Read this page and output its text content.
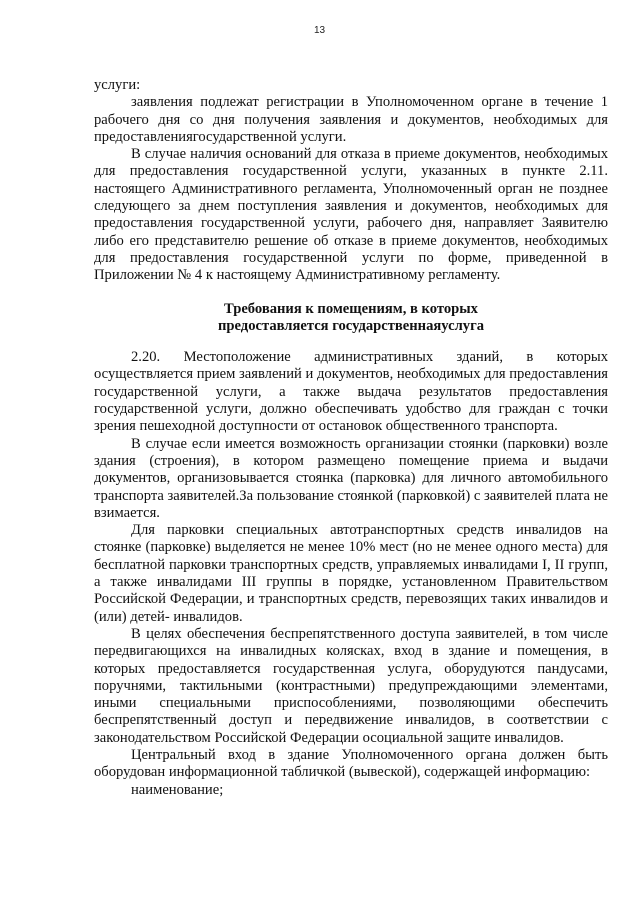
13

услуги:

заявления подлежат регистрации в Уполномоченном органе в течение 1 рабочего дня со дня получения заявления и документов, необходимых для предоставлениягосударственной услуги.

В случае наличия оснований для отказа в приеме документов, необходимых для предоставления государственной услуги, указанных в пункте 2.11. настоящего Административного регламента, Уполномоченный орган не позднее следующего за днем поступления заявления и документов, необходимых для предоставления государственной услуги, рабочего дня, направляет Заявителю либо его представителю решение об отказе в приеме документов, необходимых для предоставления государственной услуги по форме, приведенной в Приложении № 4 к настоящему Административному регламенту.

Требования к помещениям, в которых
предоставляется государственнаяуслуга

2.20. Местоположение административных зданий, в которых осуществляется прием заявлений и документов, необходимых для предоставления государственной услуги, а также выдача результатов предоставления государственной услуги, должно обеспечивать удобство для граждан с точки зрения пешеходной доступности от остановок общественного транспорта.

В случае если имеется возможность организации стоянки (парковки) возле здания (строения), в котором размещено помещение приема и выдачи документов, организовывается стоянка (парковка) для личного автомобильного транспорта заявителей.За пользование стоянкой (парковкой) с заявителей плата не взимается.

Для парковки специальных автотранспортных средств инвалидов на стоянке (парковке) выделяется не менее 10% мест (но не менее одного места) для бесплатной парковки транспортных средств, управляемых инвалидами I, II групп, а также инвалидами III группы в порядке, установленном Правительством Российской Федерации, и транспортных средств, перевозящих таких инвалидов и (или) детей- инвалидов.

В целях обеспечения беспрепятственного доступа заявителей, в том числе передвигающихся на инвалидных колясках, вход в здание и помещения, в которых предоставляется государственная услуга, оборудуются пандусами, поручнями, тактильными (контрастными) предупреждающими элементами, иными специальными приспособлениями, позволяющими обеспечить беспрепятственный доступ и передвижение инвалидов, в соответствии с законодательством Российской Федерации осоциальной защите инвалидов.

Центральный вход в здание Уполномоченного органа должен быть оборудован информационной табличкой (вывеской), содержащей информацию:

наименование;
